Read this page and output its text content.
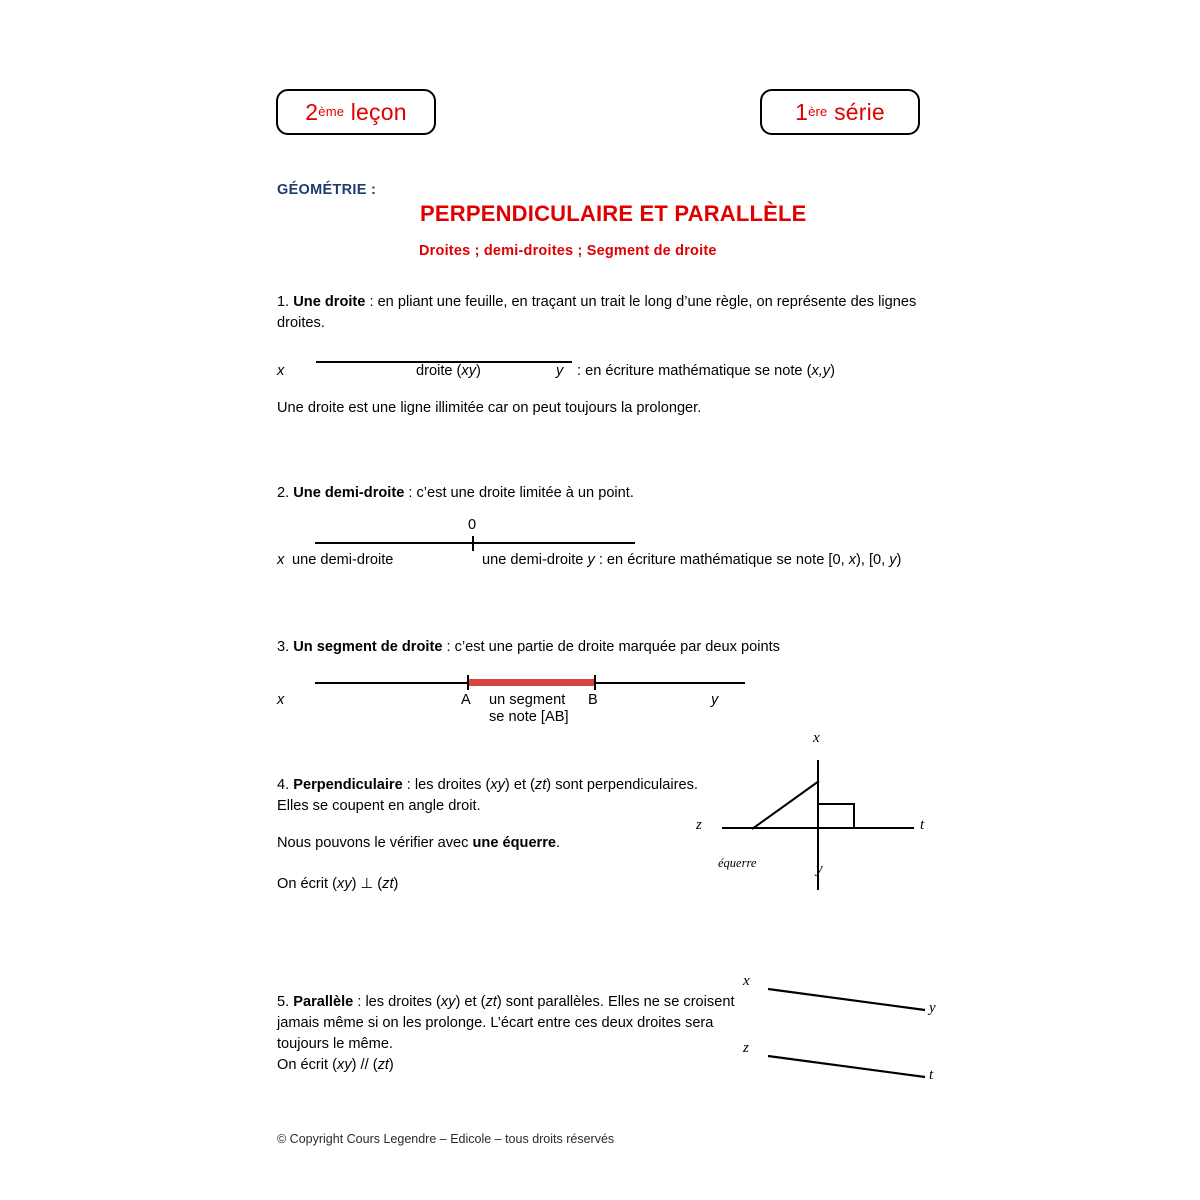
2 ème
leçon	1 ère
série
GÉOMÉTRIE :
PERPENDICULAIRE ET PARALLÈLE
Droites ; demi-droites ; Segment de droite
1. Une droite : en pliant une feuille, en traçant un trait le long d’une règle, on représente des lignes droites.
x	droite (xy)	y : en écriture mathématique se note (x,y)
Une droite est une ligne illimitée car on peut toujours la prolonger.
2. Une demi-droite : c’est une droite limitée à un point.
0
x une demi-droite	une demi-droite y : en écriture mathématique se note [0, x), [0, y)
3. Un segment de droite : c’est une partie de droite marquée par deux points
x	A un segment
se note [AB]
B	y
4. Perpendiculaire : les droites (xy) et (zt) sont perpendiculaires. Elles se coupent en angle droit.
Nous pouvons le vérifier avec une équerre.
On écrit (xy) ⊥ (zt)
x
y
z	t
équerre
5. Parallèle : les droites (xy) et (zt) sont parallèles. Elles ne se croisent jamais même si on les prolonge. L’écart entre ces deux droites sera toujours le même.
On écrit (xy) // (zt)
x
y
z
t
© Copyright Cours Legendre – Edicole – tous droits réservés
